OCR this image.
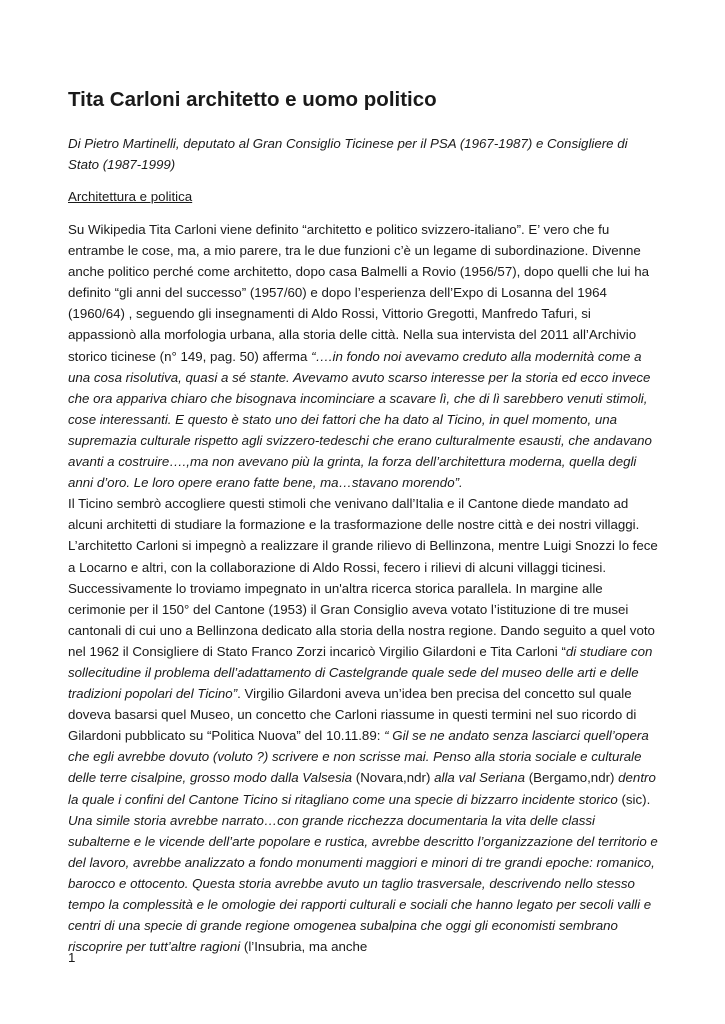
Tita Carloni architetto e uomo politico

Di Pietro Martinelli, deputato al Gran Consiglio Ticinese per il PSA (1967-1987) e Consigliere di Stato (1987-1999)

Architettura e politica

Su Wikipedia Tita Carloni viene definito “architetto e politico svizzero-italiano”. E’ vero che fu entrambe le cose, ma, a mio parere, tra le due funzioni c’è un legame di subordinazione. Divenne anche politico perché come architetto, dopo casa Balmelli a Rovio (1956/57), dopo quelli che lui ha definito “gli anni del successo” (1957/60) e dopo l’esperienza dell’Expo di Losanna del 1964 (1960/64) , seguendo gli insegnamenti di Aldo Rossi, Vittorio Gregotti, Manfredo Tafuri, si appassionò alla morfologia urbana, alla storia delle città. Nella sua intervista del 2011 all’Archivio storico ticinese (n° 149, pag. 50) afferma “….in fondo noi avevamo creduto alla modernità come a una cosa risolutiva, quasi a sé stante. Avevamo avuto scarso interesse per la storia ed ecco invece che ora appariva chiaro che bisognava incominciare a scavare lì, che di lì sarebbero venuti stimoli, cose interessanti. E questo è stato uno dei fattori che ha dato al Ticino, in quel momento, una supremazia culturale rispetto agli svizzero-tedeschi che erano culturalmente esausti, che andavano avanti a costruire….,ma non avevano più la grinta, la forza dell’architettura moderna, quella degli anni d’oro. Le loro opere erano fatte bene, ma…stavano morendo”.
Il Ticino sembrò accogliere questi stimoli che venivano dall’Italia e il Cantone diede mandato ad alcuni architetti di studiare la formazione e la trasformazione delle nostre città e dei nostri villaggi. L’architetto Carloni si impegnò a realizzare il grande rilievo di Bellinzona, mentre Luigi Snozzi lo fece a Locarno e altri, con la collaborazione di Aldo Rossi, fecero i rilievi di alcuni villaggi ticinesi. Successivamente lo troviamo impegnato in un'altra ricerca storica parallela. In margine alle cerimonie per il 150° del Cantone (1953) il Gran Consiglio aveva votato l’istituzione di tre musei cantonali di cui uno a Bellinzona dedicato alla storia della nostra regione. Dando seguito a quel voto nel 1962 il Consigliere di Stato Franco Zorzi incaricò Virgilio Gilardoni e Tita Carloni “di studiare con sollecitudine il problema dell’adattamento di Castelgrande quale sede del museo delle arti e delle tradizioni popolari del Ticino”. Virgilio Gilardoni aveva un’idea ben precisa del concetto sul quale doveva basarsi quel Museo, un concetto che Carloni riassume in questi termini nel suo ricordo di Gilardoni pubblicato su “Politica Nuova” del 10.11.89: “ Gil se ne andato senza lasciarci quell’opera che egli avrebbe dovuto (voluto ?) scrivere e non scrisse mai. Penso alla storia sociale e culturale delle terre cisalpine, grosso modo dalla Valsesia (Novara,ndr) alla val Seriana (Bergamo,ndr) dentro la quale i confini del Cantone Ticino si ritagliano come una specie di bizzarro incidente storico (sic). Una simile storia avrebbe narrato…con grande ricchezza documentaria la vita delle classi subalterne e le vicende dell’arte popolare e rustica, avrebbe descritto l’organizzazione del territorio e del lavoro, avrebbe analizzato a fondo monumenti maggiori e minori di tre grandi epoche: romanico, barocco e ottocento. Questa storia avrebbe avuto un taglio trasversale, descrivendo nello stesso tempo la complessità e le omologie dei rapporti culturali e sociali che hanno legato per secoli valli e centri di una specie di grande regione omogenea subalpina che oggi gli economisti sembrano riscoprire per tutt’altre ragioni (l’Insubria, ma anche

1
